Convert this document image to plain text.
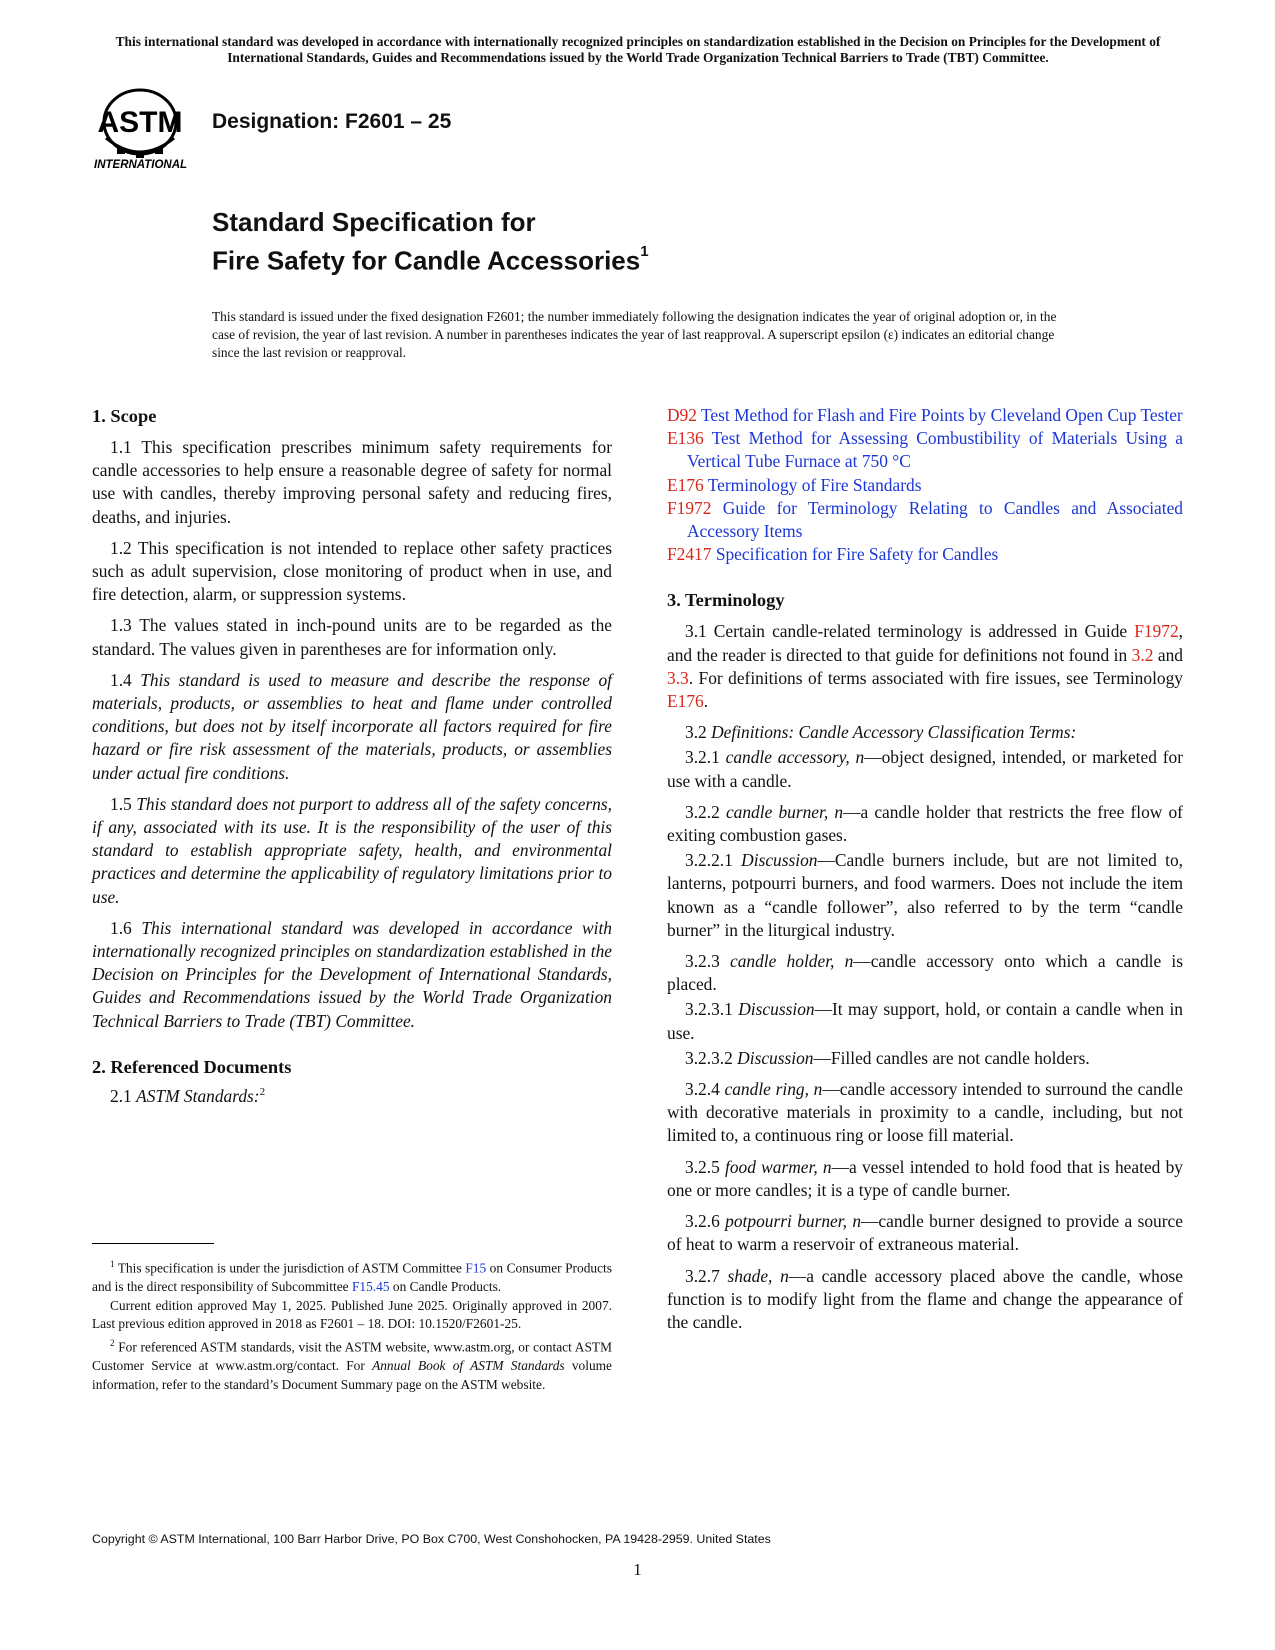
This international standard was developed in accordance with internationally recognized principles on standardization established in the Decision on Principles for the Development of International Standards, Guides and Recommendations issued by the World Trade Organization Technical Barriers to Trade (TBT) Committee.
ASTM
INTERNATIONAL
Designation: F2601 – 25
Standard Specification for
Fire Safety for Candle Accessories$^1$
This standard is issued under the fixed designation F2601; the number immediately following the designation indicates the year of original adoption or, in the case of revision, the year of last revision. A number in parentheses indicates the year of last reapproval. A superscript epsilon (ε) indicates an editorial change since the last revision or reapproval.
1. Scope

1.1 This specification prescribes minimum safety requirements for candle accessories to help ensure a reasonable degree of safety for normal use with candles, thereby improving personal safety and reducing fires, deaths, and injuries.

1.2 This specification is not intended to replace other safety practices such as adult supervision, close monitoring of product when in use, and fire detection, alarm, or suppression systems.

1.3 The values stated in inch-pound units are to be regarded as the standard. The values given in parentheses are for information only.

1.4 This standard is used to measure and describe the response of materials, products, or assemblies to heat and flame under controlled conditions, but does not by itself incorporate all factors required for fire hazard or fire risk assessment of the materials, products, or assemblies under actual fire conditions.

1.5 This standard does not purport to address all of the safety concerns, if any, associated with its use. It is the responsibility of the user of this standard to establish appropriate safety, health, and environmental practices and determine the applicability of regulatory limitations prior to use.

1.6 This international standard was developed in accordance with internationally recognized principles on standardization established in the Decision on Principles for the Development of International Standards, Guides and Recommendations issued by the World Trade Organization Technical Barriers to Trade (TBT) Committee.

2. Referenced Documents

2.1 ASTM Standards:$^2$

D92 Test Method for Flash and Fire Points by Cleveland Open Cup Tester
E136 Test Method for Assessing Combustibility of Materials Using a Vertical Tube Furnace at 750 °C
E176 Terminology of Fire Standards
F1972 Guide for Terminology Relating to Candles and Associated Accessory Items
F2417 Specification for Fire Safety for Candles
3. Terminology

3.1 Certain candle-related terminology is addressed in Guide F1972, and the reader is directed to that guide for definitions not found in 3.2 and 3.3. For definitions of terms associated with fire issues, see Terminology E176.

3.2 Definitions: Candle Accessory Classification Terms:

3.2.1 candle accessory, n—object designed, intended, or marketed for use with a candle.

3.2.2 candle burner, n—a candle holder that restricts the free flow of exiting combustion gases.

3.2.2.1 Discussion—Candle burners include, but are not limited to, lanterns, potpourri burners, and food warmers. Does not include the item known as a “candle follower”, also referred to by the term “candle burner” in the liturgical industry.

3.2.3 candle holder, n—candle accessory onto which a candle is placed.

3.2.3.1 Discussion—It may support, hold, or contain a candle when in use.

3.2.3.2 Discussion—Filled candles are not candle holders.

3.2.4 candle ring, n—candle accessory intended to surround the candle with decorative materials in proximity to a candle, including, but not limited to, a continuous ring or loose fill material.

3.2.5 food warmer, n—a vessel intended to hold food that is heated by one or more candles; it is a type of candle burner.

3.2.6 potpourri burner, n—candle burner designed to provide a source of heat to warm a reservoir of extraneous material.

3.2.7 shade, n—a candle accessory placed above the candle, whose function is to modify light from the flame and change the appearance of the candle.

$^1$ This specification is under the jurisdiction of ASTM Committee F15 on Consumer Products and is the direct responsibility of Subcommittee F15.45 on Candle Products.

Current edition approved May 1, 2025. Published June 2025. Originally approved in 2007. Last previous edition approved in 2018 as F2601 – 18. DOI: 10.1520/F2601-25.

$^2$ For referenced ASTM standards, visit the ASTM website, www.astm.org, or contact ASTM Customer Service at www.astm.org/contact. For Annual Book of ASTM Standards volume information, refer to the standard’s Document Summary page on the ASTM website.

Copyright © ASTM International, 100 Barr Harbor Drive, PO Box C700, West Conshohocken, PA 19428-2959. United States
1
